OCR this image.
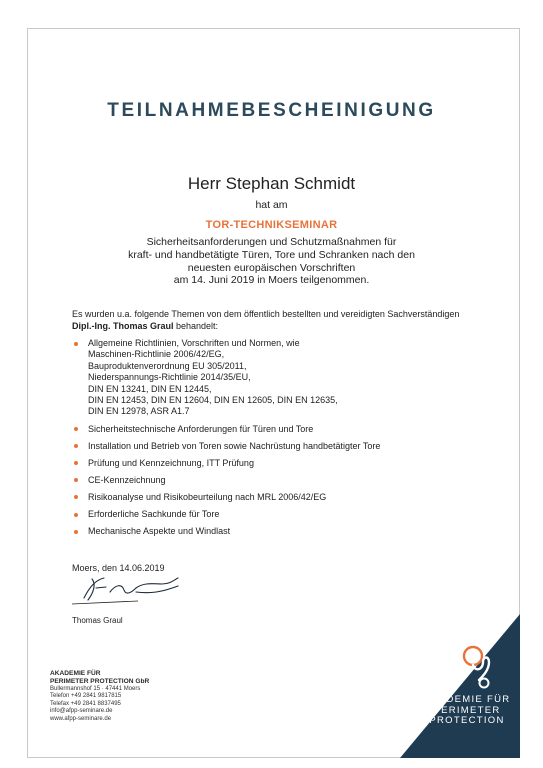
TEILNAHMEBESCHEINIGUNG
Herr Stephan Schmidt
hat am
TOR-TECHNIKSEMINAR
Sicherheitsanforderungen und Schutzmaßnahmen für
kraft- und handbetätigte Türen, Tore und Schranken nach den
neuesten europäischen Vorschriften
am 14. Juni 2019 in Moers teilgenommen.
Es wurden u.a. folgende Themen von dem öffentlich bestellten und vereidigten Sachverständigen
Dipl.-Ing. Thomas Graul behandelt:
Allgemeine Richtlinien, Vorschriften und Normen, wie
Maschinen-Richtlinie 2006/42/EG,
Bauproduktenverordnung EU 305/2011,
Niederspannungs-Richtlinie 2014/35/EU,
DIN EN 13241, DIN EN 12445,
DIN EN 12453, DIN EN 12604, DIN EN 12605, DIN EN 12635,
DIN EN 12978, ASR A1.7
Sicherheitstechnische Anforderungen für Türen und Tore
Installation und Betrieb von Toren sowie Nachrüstung handbetätigter Tore
Prüfung und Kennzeichnung, ITT Prüfung
CE-Kennzeichnung
Risikoanalyse und Risikobeurteilung nach MRL 2006/42/EG
Erforderliche Sachkunde für Tore
Mechanische Aspekte und Windlast
Moers, den 14.06.2019
Thomas Graul
AKADEMIE FÜR
PERIMETER PROTECTION GbR
Bullermannshof 15 · 47441 Moers
Telefon +49 2841 9817815
Telefax +49 2841 8837495
info@afpp-seminare.de
www.afpp-seminare.de
AKADEMIE FÜR
PERIMETER
PROTECTION
